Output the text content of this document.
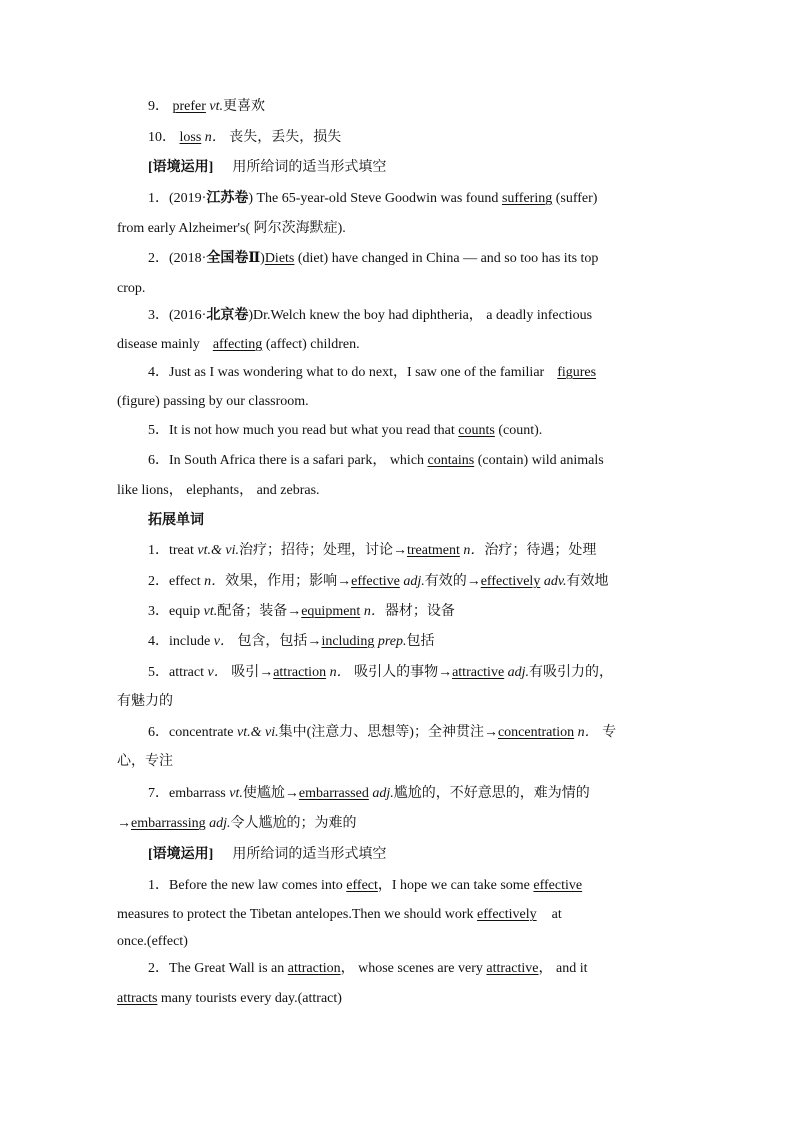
9． prefer vt.更喜欢
10． loss n． 丧失，丢失，损失
[语境运用] 用所给词的适当形式填空
1．(2019·江苏卷) The 65-year-old Steve Goodwin was found suffering (suffer)
from early Alzheimer's( 阿尔茨海默症).
2．(2018·全国卷Ⅱ)Diets (diet) have changed in China — and so too has its top
crop.
3．(2016·北京卷)Dr.Welch knew the boy had diphtheria， a deadly infectious
disease mainly affecting (affect) children.
4．Just as I was wondering what to do next，I saw one of the familiar figures
(figure) passing by our classroom.
5．It is not how much you read but what you read that counts (count).
6．In South Africa there is a safari park， which contains (contain) wild animals
like lions， elephants， and zebras.
拓展单词
1．treat vt.& vi.治疗；招待；处理，讨论→treatment n．治疗；待遇；处理
2．effect n．效果，作用；影响→effective adj.有效的→effectively adv.有效地
3．equip vt.配备；装备→equipment n．器材；设备
4．include v． 包含，包括→including prep.包括
5．attract v． 吸引→attraction n． 吸引人的事物→attractive adj.有吸引力的，
有魅力的
6．concentrate vt.& vi.集中(注意力、思想等)；全神贯注→concentration n． 专
心，专注
7．embarrass vt.使尴尬→embarrassed adj.尴尬的，不好意思的，难为情的
→embarrassing adj.令人尴尬的；为难的
[语境运用] 用所给词的适当形式填空
1．Before the new law comes into effect，I hope we can take some effective
measures to protect the Tibetan antelopes.Then we should work effectively at
once.(effect)
2．The Great Wall is an attraction， whose scenes are very attractive， and it
attracts many tourists every day.(attract)
